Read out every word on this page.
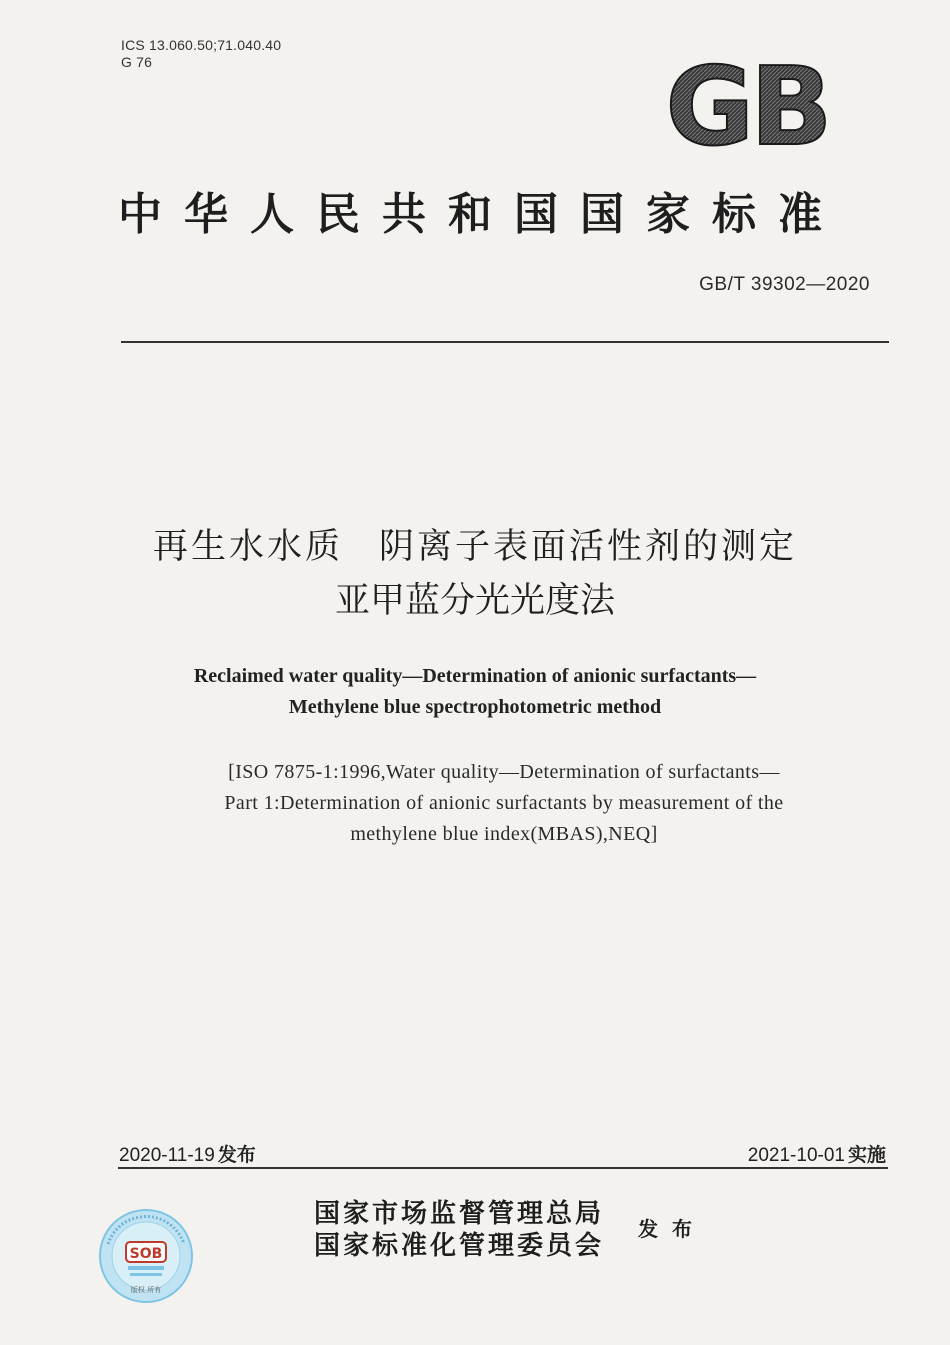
ICS 13.060.50;71.040.40
G 76	GB
中华人民共和国国家标准
GB/T 39302—2020
再生水水质 阴离子表面活性剂的测定
亚甲蓝分光光度法
Reclaimed water quality—Determination of anionic surfactants—
Methylene blue spectrophotometric method
[ISO 7875-1:1996,Water quality—Determination of surfactants—
Part 1:Determination of anionic surfactants by measurement of the
methylene blue index(MBAS),NEQ]
2020-11-19 发布	2021-10-01 实施
SOB
版权 所有
国家市场监督管理总局
国家标准化管理委员会
发布
